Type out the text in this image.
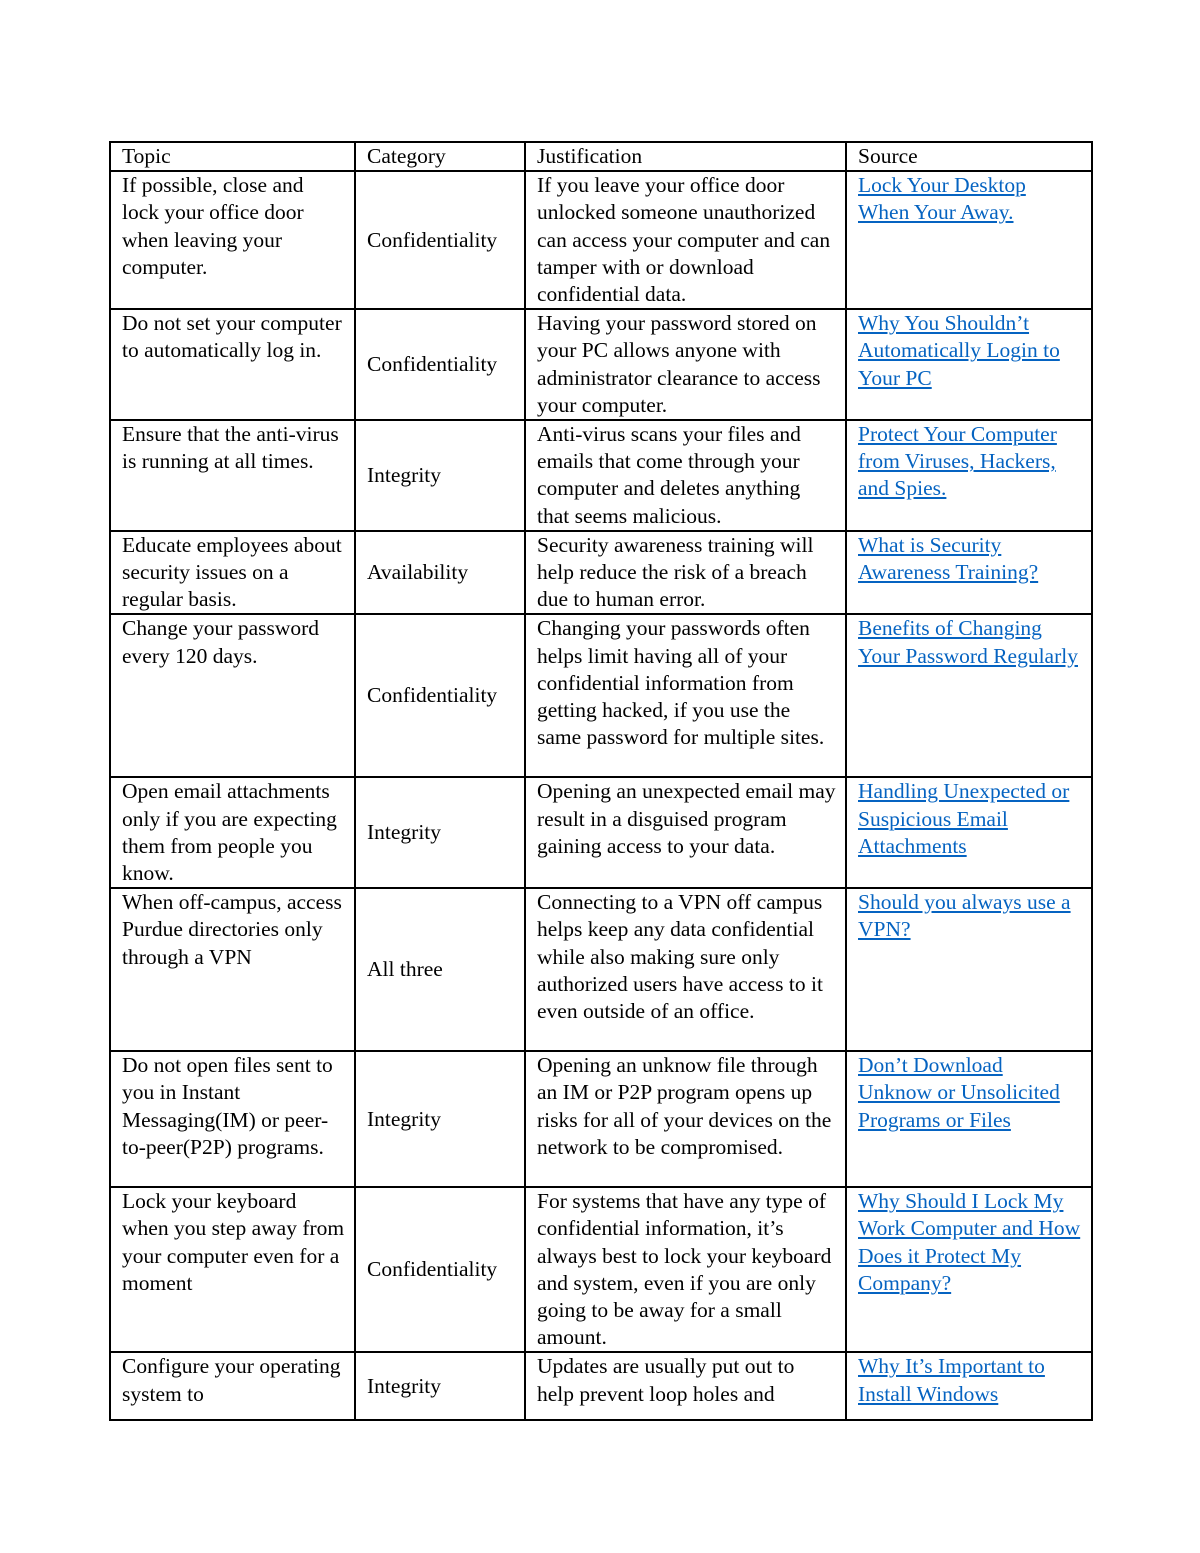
Topic	Category	Justification	Source
If possible, close and lock your office door when leaving your computer.	Confidentiality	If you leave your office door unlocked someone unauthorized can access your computer and can tamper with or download confidential data.	Lock Your Desktop When Your Away.
Do not set your computer to automatically log in.	Confidentiality	Having your password stored on your PC allows anyone with administrator clearance to access your computer.	Why You Shouldn’t Automatically Login to Your PC
Ensure that the anti-virus is running at all times.	Integrity	Anti-virus scans your files and emails that come through your computer and deletes anything that seems malicious.	Protect Your Computer from Viruses, Hackers, and Spies.
Educate employees about security issues on a regular basis.	Availability	Security awareness training will help reduce the risk of a breach due to human error.	What is Security Awareness Training?
Change your password every 120 days.	Confidentiality	Changing your passwords often helps limit having all of your confidential information from getting hacked, if you use the same password for multiple sites.	Benefits of Changing Your Password Regularly
Open email attachments only if you are expecting them from people you know.	Integrity	Opening an unexpected email may result in a disguised program gaining access to your data.	Handling Unexpected or Suspicious Email Attachments
When off-campus, access Purdue directories only through a VPN	All three	Connecting to a VPN off campus helps keep any data confidential while also making sure only authorized users have access to it even outside of an office.	Should you always use a VPN?
Do not open files sent to you in Instant Messaging(IM) or peer-to-peer(P2P) programs.	Integrity	Opening an unknow file through an IM or P2P program opens up risks for all of your devices on the network to be compromised.	Don’t Download Unknow or Unsolicited Programs or Files
Lock your keyboard when you step away from your computer even for a moment	Confidentiality	For systems that have any type of confidential information, it’s always best to lock your keyboard and system, even if you are only going to be away for a small amount.	Why Should I Lock My Work Computer and How Does it Protect My Company?
Configure your operating system to	Integrity	Updates are usually put out to help prevent loop holes and	Why It’s Important to Install Windows
